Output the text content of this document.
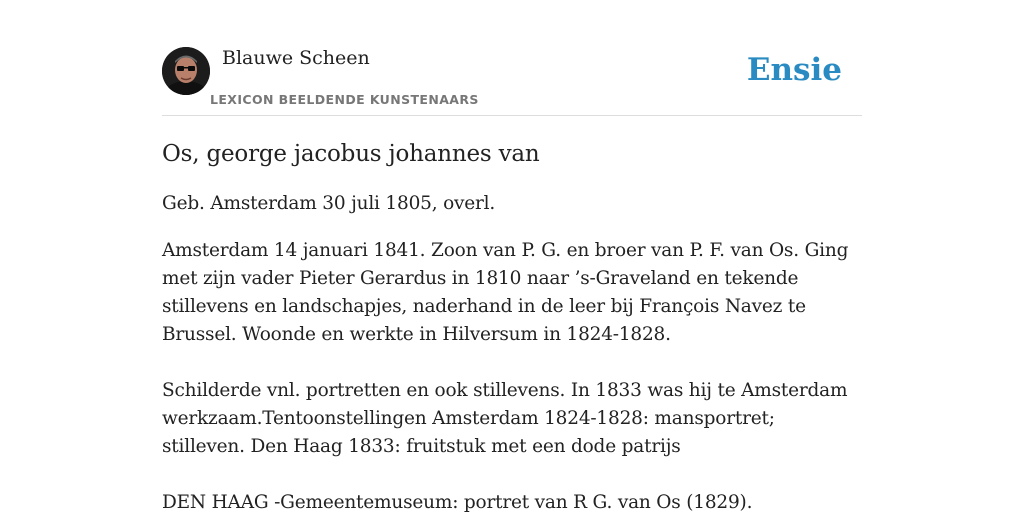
Blauwe Scheen
LEXICON BEELDENDE KUNSTENAARS
Ensie
Os, george jacobus johannes van

Geb. Amsterdam 30 juli 1805, overl.

Amsterdam 14 januari 1841. Zoon van P. G. en broer van P. F. van Os. Ging met zijn vader Pieter Gerardus in 1810 naar ’s-Graveland en tekende stillevens en landschapjes, naderhand in de leer bij François Navez te Brussel. Woonde en werkte in Hilversum in 1824-1828.

Schilderde vnl. portretten en ook stillevens. In 1833 was hij te Amsterdam werkzaam.Tentoonstellingen Amsterdam 1824-1828: mansportret; stilleven. Den Haag 1833: fruitstuk met een dode patrijs

DEN HAAG -Gemeentemuseum: portret van R G. van Os (1829).
